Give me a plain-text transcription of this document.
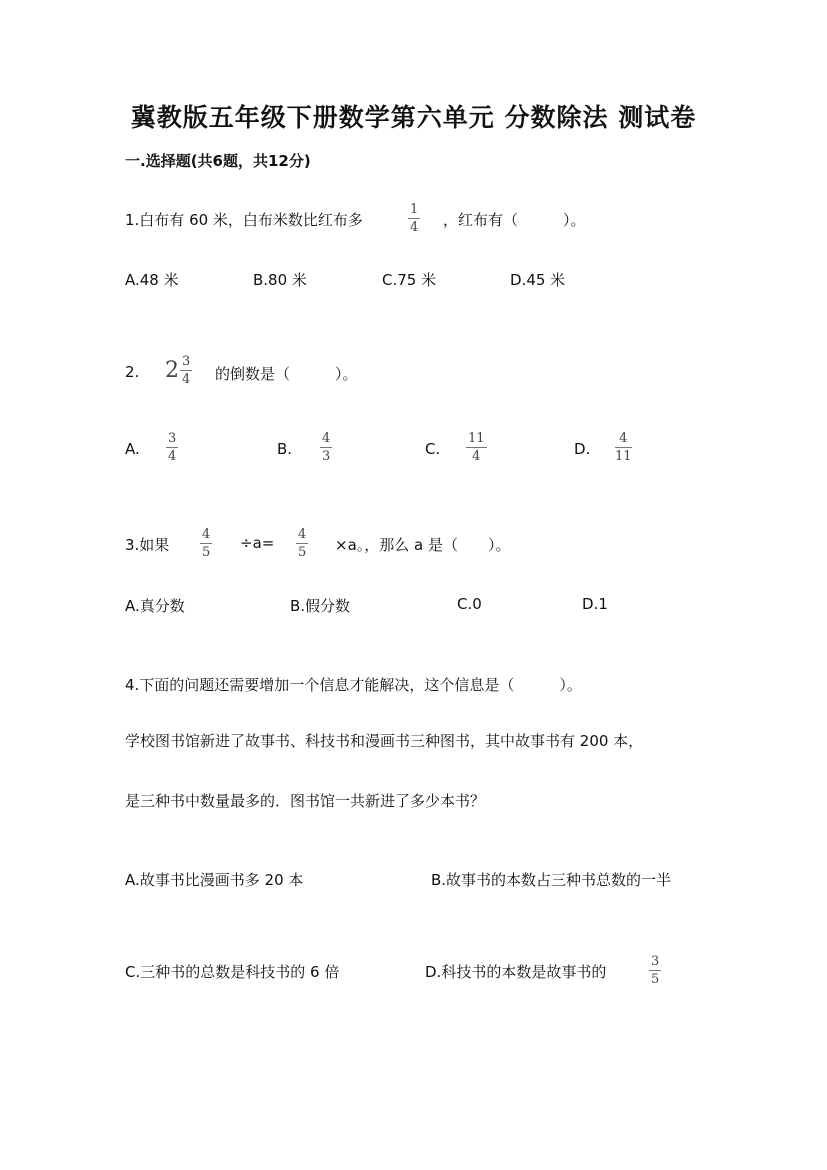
冀教版五年级下册数学第六单元 分数除法 测试卷
一.选择题(共6题，共12分)
1.白布有 60 米，白布米数比红布多
1
4 ，红布有（　　　）。
A.48 米	B.80 米	C.75 米	D.45 米
2. $2 \frac{3}{4}$ 的倒数是（　　　）。
A.
3
4	B.
4
3	C.
11
4	D.
4
11
3.如果
4
5
÷a= 4
5 ×a。，那么 a 是（　　）。
A.真分数	B.假分数	C.0	D.1
4.下面的问题还需要增加一个信息才能解决，这个信息是（　　　）。
学校图书馆新进了故事书、科技书和漫画书三种图书，其中故事书有 200 本，
是三种书中数量最多的．图书馆一共新进了多少本书？
A.故事书比漫画书多 20 本	B.故事书的本数占三种书总数的一半
C.三种书的总数是科技书的 6 倍	D.科技书的本数是故事书的
3
5
